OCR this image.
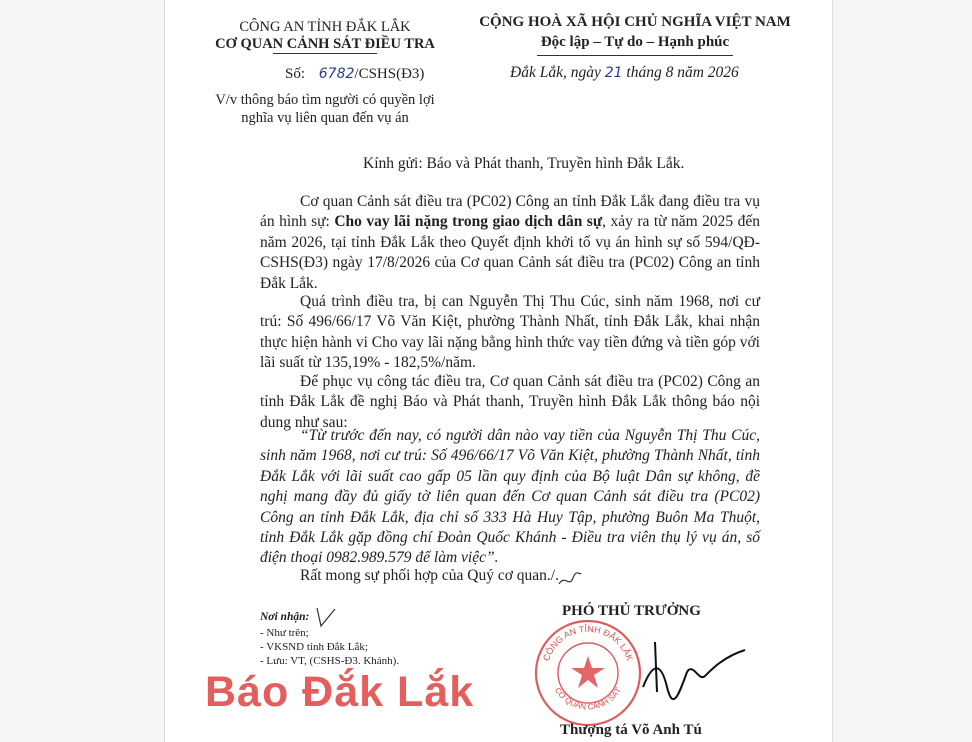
CÔNG AN TỈNH ĐẮK LẮK
CƠ QUAN CẢNH SÁT ĐIỀU TRA
Số: 6782/CSHS(Đ3)
V/v thông báo tìm người có quyền lợi
nghĩa vụ liên quan đến vụ án
CỘNG HOÀ XÃ HỘI CHỦ NGHĨA VIỆT NAM
Độc lập – Tự do – Hạnh phúc
Đắk Lắk, ngày 21 tháng 8 năm 2026
Kính gửi: Báo và Phát thanh, Truyền hình Đắk Lắk.
Cơ quan Cảnh sát điều tra (PC02) Công an tỉnh Đắk Lắk đang điều tra vụ án hình sự: Cho vay lãi nặng trong giao dịch dân sự, xảy ra từ năm 2025 đến năm 2026, tại tỉnh Đắk Lắk theo Quyết định khởi tố vụ án hình sự số 594/QĐ-CSHS(Đ3) ngày 17/8/2026 của Cơ quan Cảnh sát điều tra (PC02) Công an tỉnh Đắk Lắk.
Quá trình điều tra, bị can Nguyễn Thị Thu Cúc, sinh năm 1968, nơi cư trú: Số 496/66/17 Võ Văn Kiệt, phường Thành Nhất, tỉnh Đắk Lắk, khai nhận thực hiện hành vi Cho vay lãi nặng bằng hình thức vay tiền đứng và tiền góp với lãi suất từ 135,19% - 182,5%/năm.
Để phục vụ công tác điều tra, Cơ quan Cảnh sát điều tra (PC02) Công an tỉnh Đắk Lắk đề nghị Báo và Phát thanh, Truyền hình Đắk Lắk thông báo nội dung như sau:
“Từ trước đến nay, có người dân nào vay tiền của Nguyễn Thị Thu Cúc, sinh năm 1968, nơi cư trú: Số 496/66/17 Võ Văn Kiệt, phường Thành Nhất, tỉnh Đắk Lắk với lãi suất cao gấp 05 lần quy định của Bộ luật Dân sự không, đề nghị mang đầy đủ giấy tờ liên quan đến Cơ quan Cảnh sát điều tra (PC02) Công an tỉnh Đắk Lắk, địa chỉ số 333 Hà Huy Tập, phường Buôn Ma Thuột, tỉnh Đắk Lắk gặp đồng chí Đoàn Quốc Khánh - Điều tra viên thụ lý vụ án, số điện thoại 0982.989.579 để làm việc”.
Rất mong sự phối hợp của Quý cơ quan./.
Nơi nhận:
- Như trên;
- VKSND tỉnh Đắk Lắk;
- Lưu: VT, (CSHS-Đ3. Khánh).
PHÓ THỦ TRƯỞNG
CÔNG AN TỈNH ĐẮK LẮK
CƠ QUAN CẢNH SÁT
Thượng tá Võ Anh Tú
Báo Đắk Lắk
